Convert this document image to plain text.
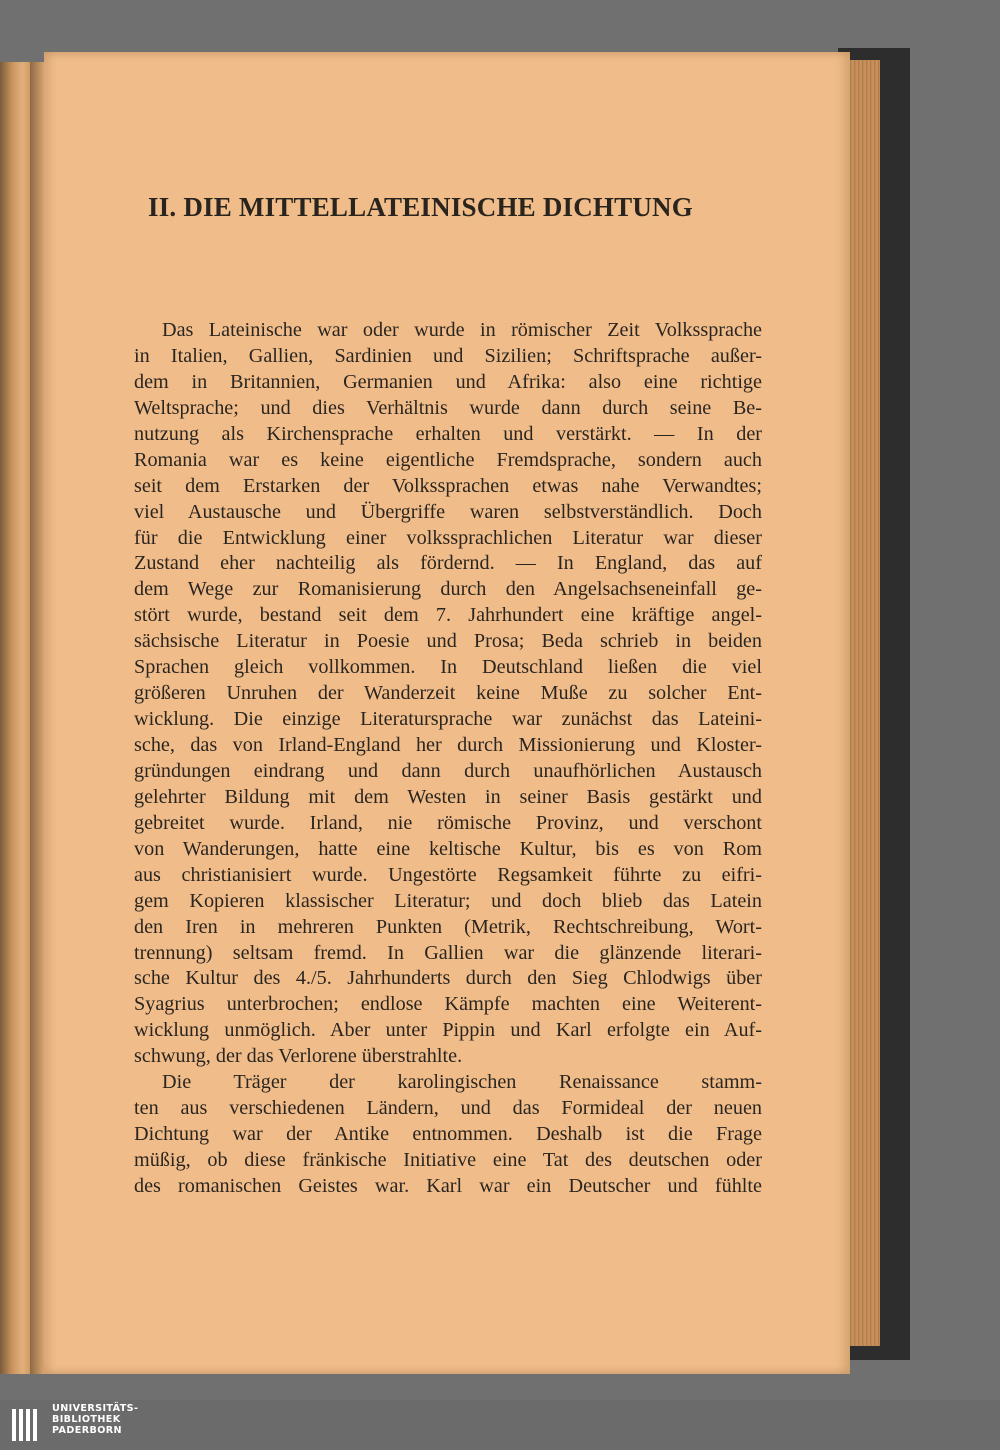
II. DIE MITTELLATEINISCHE DICHTUNG
Das Lateinische war oder wurde in römischer Zeit Volkssprache
in Italien, Gallien, Sardinien und Sizilien; Schriftsprache außer-
dem in Britannien, Germanien und Afrika: also eine richtige
Weltsprache; und dies Verhältnis wurde dann durch seine Be-
nutzung als Kirchensprache erhalten und verstärkt. — In der
Romania war es keine eigentliche Fremdsprache, sondern auch
seit dem Erstarken der Volkssprachen etwas nahe Verwandtes;
viel Austausche und Übergriffe waren selbstverständlich. Doch
für die Entwicklung einer volkssprachlichen Literatur war dieser
Zustand eher nachteilig als fördernd. — In England, das auf
dem Wege zur Romanisierung durch den Angelsachseneinfall ge-
stört wurde, bestand seit dem 7. Jahrhundert eine kräftige angel-
sächsische Literatur in Poesie und Prosa; Beda schrieb in beiden
Sprachen gleich vollkommen. In Deutschland ließen die viel
größeren Unruhen der Wanderzeit keine Muße zu solcher Ent-
wicklung. Die einzige Literatursprache war zunächst das Lateini-
sche, das von Irland-England her durch Missionierung und Kloster-
gründungen eindrang und dann durch unaufhörlichen Austausch
gelehrter Bildung mit dem Westen in seiner Basis gestärkt und
gebreitet wurde. Irland, nie römische Provinz, und verschont
von Wanderungen, hatte eine keltische Kultur, bis es von Rom
aus christianisiert wurde. Ungestörte Regsamkeit führte zu eifri-
gem Kopieren klassischer Literatur; und doch blieb das Latein
den Iren in mehreren Punkten (Metrik, Rechtschreibung, Wort-
trennung) seltsam fremd. In Gallien war die glänzende literari-
sche Kultur des 4./5. Jahrhunderts durch den Sieg Chlodwigs über
Syagrius unterbrochen; endlose Kämpfe machten eine Weiterent-
wicklung unmöglich. Aber unter Pippin und Karl erfolgte ein Auf-
schwung, der das Verlorene überstrahlte.
Die Träger der karolingischen Renaissance stamm-
ten aus verschiedenen Ländern, und das Formideal der neuen
Dichtung war der Antike entnommen. Deshalb ist die Frage
müßig, ob diese fränkische Initiative eine Tat des deutschen oder
des romanischen Geistes war. Karl war ein Deutscher und fühlte
UNIVERSITÄTS-
BIBLIOTHEK
PADERBORN
